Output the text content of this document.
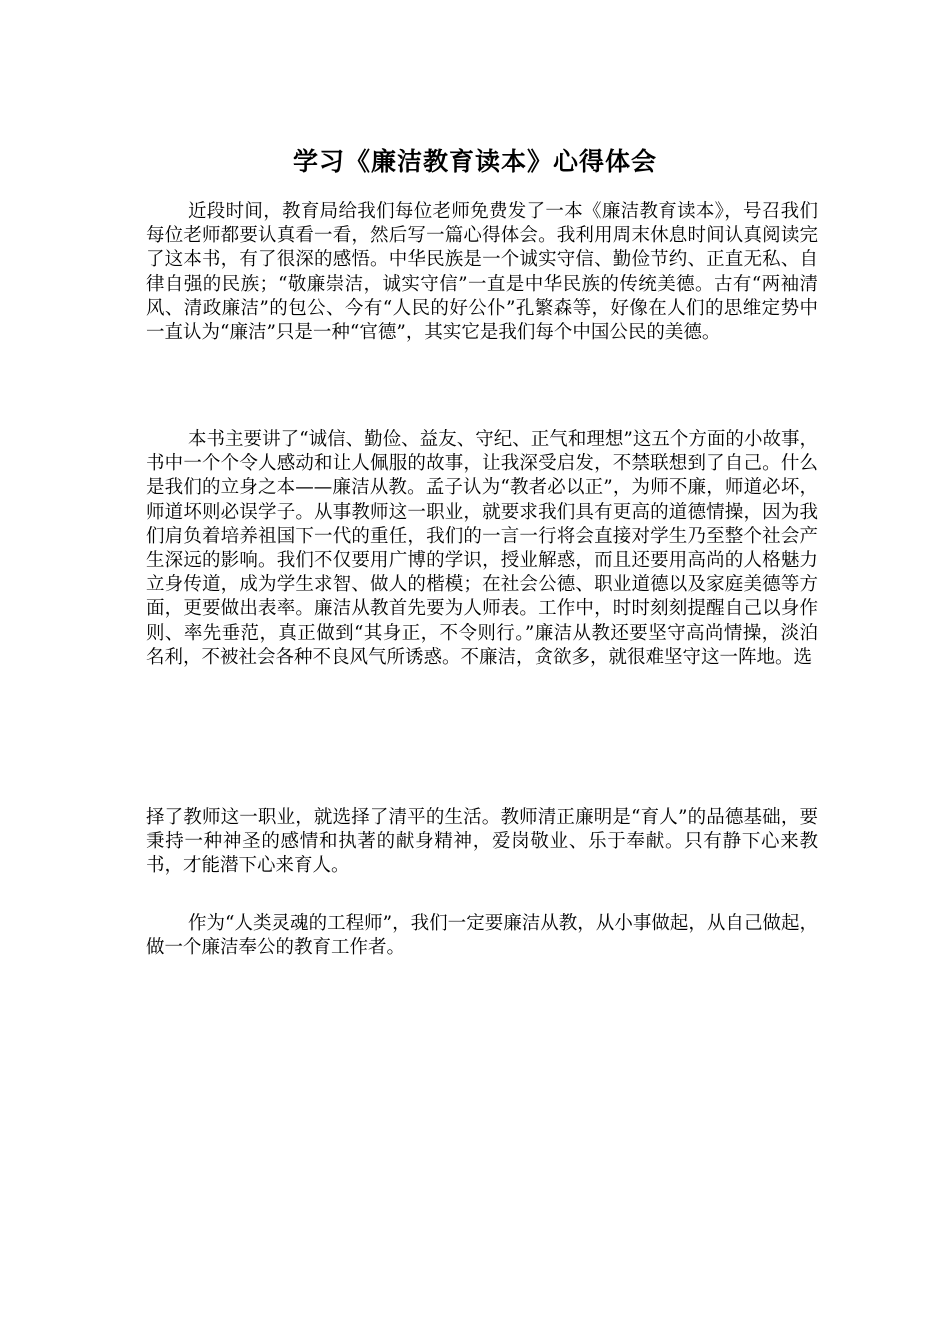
学习《廉洁教育读本》心得体会

近段时间，教育局给我们每位老师免费发了一本《廉洁教育读本》，号召我们每位老师都要认真看一看，然后写一篇心得体会。我利用周末休息时间认真阅读完了这本书，有了很深的感悟。中华民族是一个诚实守信、勤俭节约、正直无私、自律自强的民族；“敬廉崇洁，诚实守信”一直是中华民族的传统美德。古有“两袖清风、清政廉洁”的包公、今有“人民的好公仆”孔繁森等，好像在人们的思维定势中一直认为“廉洁”只是一种“官德”，其实它是我们每个中国公民的美德。

本书主要讲了“诚信、勤俭、益友、守纪、正气和理想”这五个方面的小故事，书中一个个令人感动和让人佩服的故事，让我深受启发，不禁联想到了自己。什么是我们的立身之本——廉洁从教。孟子认为“教者必以正”，为师不廉，师道必坏，师道坏则必误学子。从事教师这一职业，就要求我们具有更高的道德情操，因为我们肩负着培养祖国下一代的重任，我们的一言一行将会直接对学生乃至整个社会产生深远的影响。我们不仅要用广博的学识，授业解惑，而且还要用高尚的人格魅力立身传道，成为学生求智、做人的楷模；在社会公德、职业道德以及家庭美德等方面，更要做出表率。廉洁从教首先要为人师表。工作中，时时刻刻提醒自己以身作则、率先垂范，真正做到“其身正，不令则行。”廉洁从教还要坚守高尚情操，淡泊名利，不被社会各种不良风气所诱惑。不廉洁，贪欲多，就很难坚守这一阵地。选

择了教师这一职业，就选择了清平的生活。教师清正廉明是“育人”的品德基础，要秉持一种神圣的感情和执著的献身精神，爱岗敬业、乐于奉献。只有静下心来教书，才能潜下心来育人。

作为“人类灵魂的工程师”，我们一定要廉洁从教，从小事做起，从自己做起，做一个廉洁奉公的教育工作者。
